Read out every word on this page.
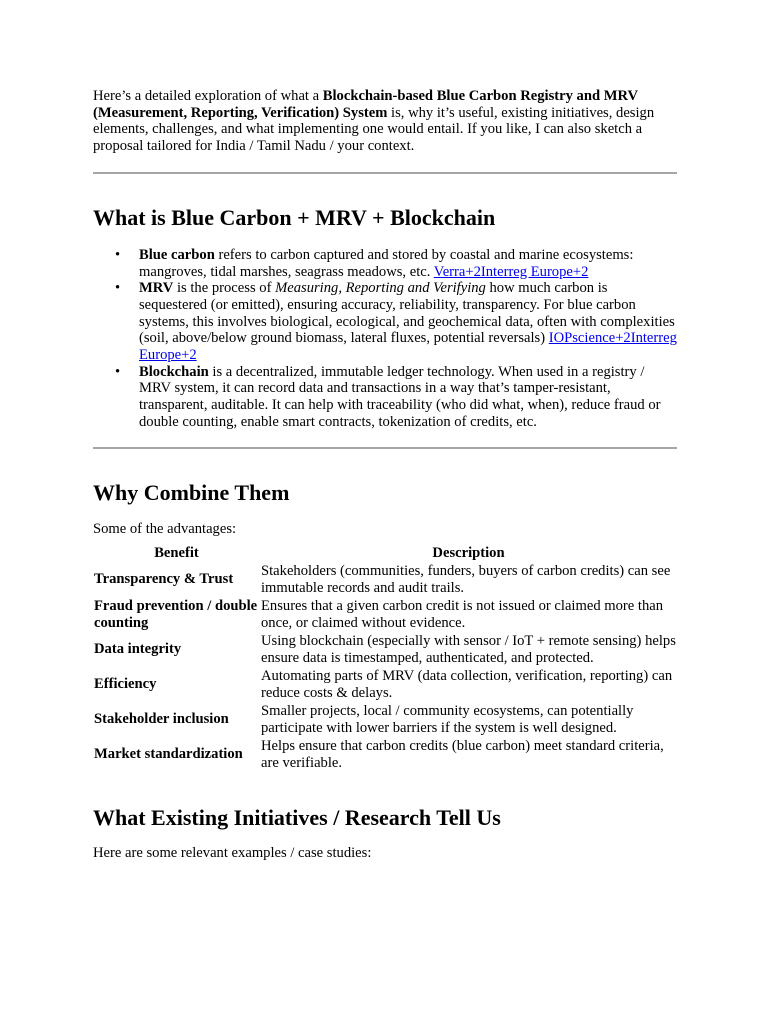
Here’s a detailed exploration of what a Blockchain-based Blue Carbon Registry and MRV (Measurement, Reporting, Verification) System is, why it’s useful, existing initiatives, design elements, challenges, and what implementing one would entail. If you like, I can also sketch a proposal tailored for India / Tamil Nadu / your context.

What is Blue Carbon + MRV + Blockchain
• Blue carbon refers to carbon captured and stored by coastal and marine ecosystems: mangroves, tidal marshes, seagrass meadows, etc. Verra+2Interreg Europe+2
• MRV is the process of Measuring, Reporting and Verifying how much carbon is sequestered (or emitted), ensuring accuracy, reliability, transparency. For blue carbon systems, this involves biological, ecological, and geochemical data, often with complexities (soil, above/below ground biomass, lateral fluxes, potential reversals) IOPscience+2Interreg Europe+2
• Blockchain is a decentralized, immutable ledger technology. When used in a registry / MRV system, it can record data and transactions in a way that’s tamper-resistant, transparent, auditable. It can help with traceability (who did what, when), reduce fraud or double counting, enable smart contracts, tokenization of credits, etc.
Why Combine Them

Some of the advantages:

Benefit	Description
Transparency & Trust	Stakeholders (communities, funders, buyers of carbon credits) can see immutable records and audit trails.
Fraud prevention / double counting	Ensures that a given carbon credit is not issued or claimed more than once, or claimed without evidence.
Data integrity	Using blockchain (especially with sensor / IoT + remote sensing) helps ensure data is timestamped, authenticated, and protected.
Efficiency	Automating parts of MRV (data collection, verification, reporting) can reduce costs & delays.
Stakeholder inclusion	Smaller projects, local / community ecosystems, can potentially participate with lower barriers if the system is well designed.
Market standardization	Helps ensure that carbon credits (blue carbon) meet standard criteria, are verifiable.
What Existing Initiatives / Research Tell Us

Here are some relevant examples / case studies:
